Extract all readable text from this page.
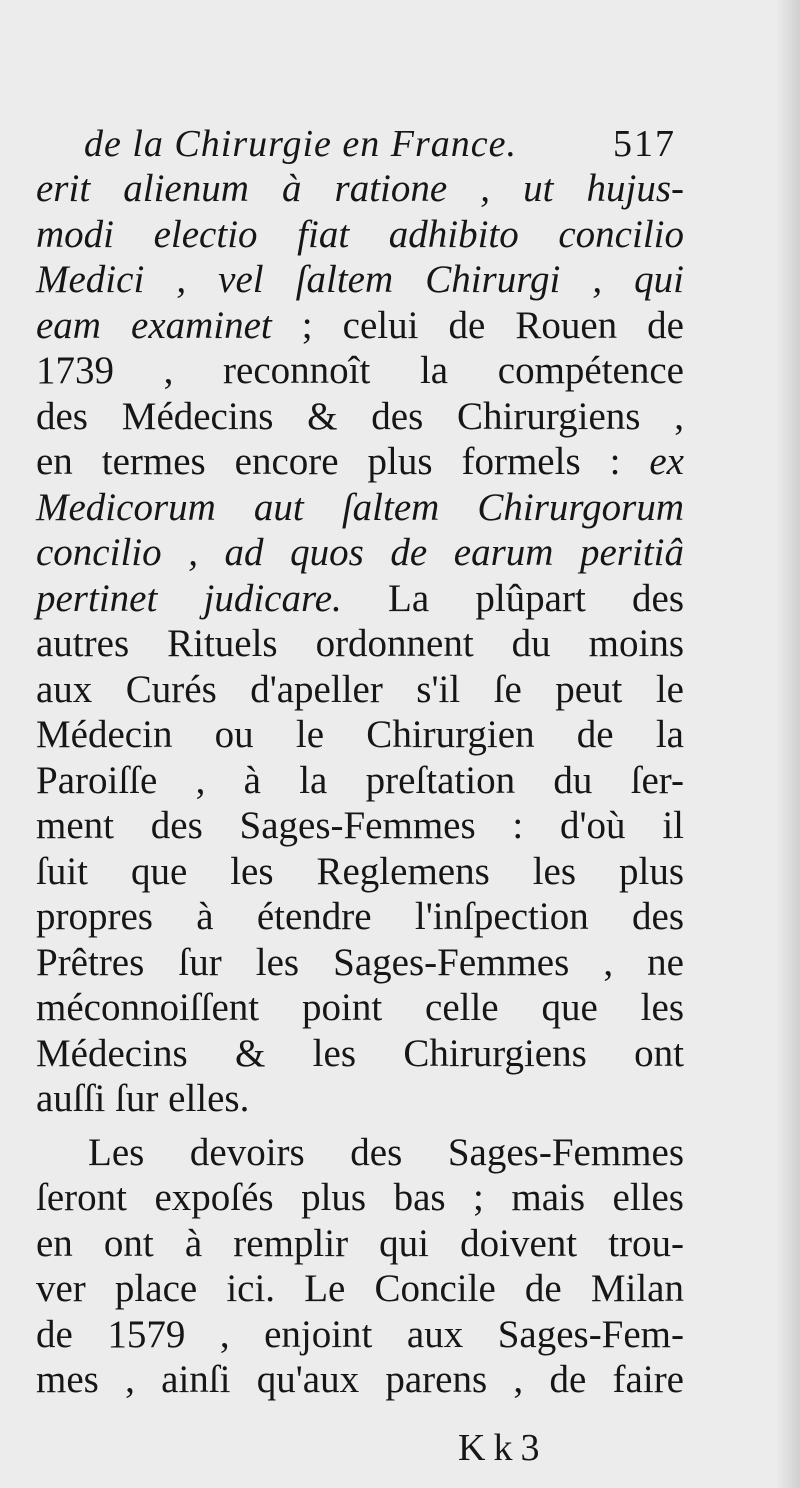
de la Chirurgie en France.	517
erit alienum à ratione , ut hujus-
modi electio fiat adhibito concilio
Medici , vel ſaltem Chirurgi , qui
eam examinet ; celui de Rouen de
1739 , reconnoît la compétence
des Médecins & des Chirurgiens ,
en termes encore plus formels : ex
Medicorum aut ſaltem Chirurgorum
concilio , ad quos de earum peritiâ
pertinet judicare. La plûpart des
autres Rituels ordonnent du moins
aux Curés d'apeller s'il ſe peut le
Médecin ou le Chirurgien de la
Paroiſſe , à la preſtation du ſer-
ment des Sages-Femmes : d'où il
ſuit que les Reglemens les plus
propres à étendre l'inſpection des
Prêtres ſur les Sages-Femmes , ne
méconnoiſſent point celle que les
Médecins & les Chirurgiens ont
auſſi ſur elles.
Les devoirs des Sages-Femmes
ſeront expoſés plus bas ; mais elles
en ont à remplir qui doivent trou-
ver place ici. Le Concile de Milan
de 1579 , enjoint aux Sages-Fem-
mes , ainſi qu'aux parens , de faire
Kk3
